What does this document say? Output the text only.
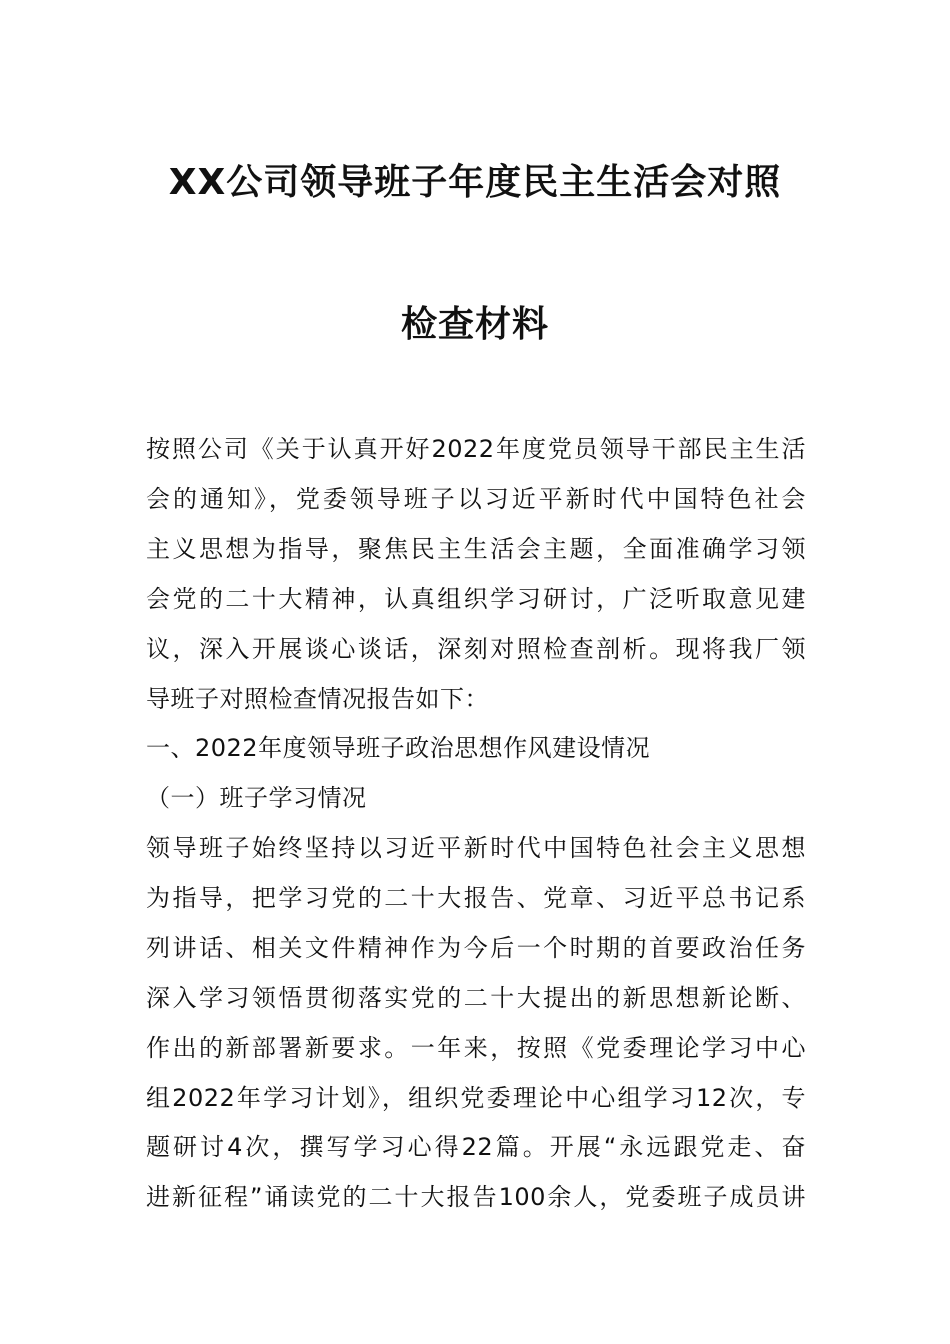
XX公司领导班子年度民主生活会对照
检查材料
按照公司《关于认真开好2022年度党员领导干部民主生活
会的通知》，党委领导班子以习近平新时代中国特色社会
主义思想为指导，聚焦民主生活会主题，全面准确学习领
会党的二十大精神，认真组织学习研讨，广泛听取意见建
议，深入开展谈心谈话，深刻对照检查剖析。现将我厂领
导班子对照检查情况报告如下：
一、2022年度领导班子政治思想作风建设情况
（一）班子学习情况
领导班子始终坚持以习近平新时代中国特色社会主义思想
为指导，把学习党的二十大报告、党章、习近平总书记系
列讲话、相关文件精神作为今后一个时期的首要政治任务
深入学习领悟贯彻落实党的二十大提出的新思想新论断、
作出的新部署新要求。一年来，按照《党委理论学习中心
组2022年学习计划》，组织党委理论中心组学习12次，专
题研讨4次，撰写学习心得22篇。开展“永远跟党走、奋
进新征程”诵读党的二十大报告100余人，党委班子成员讲
